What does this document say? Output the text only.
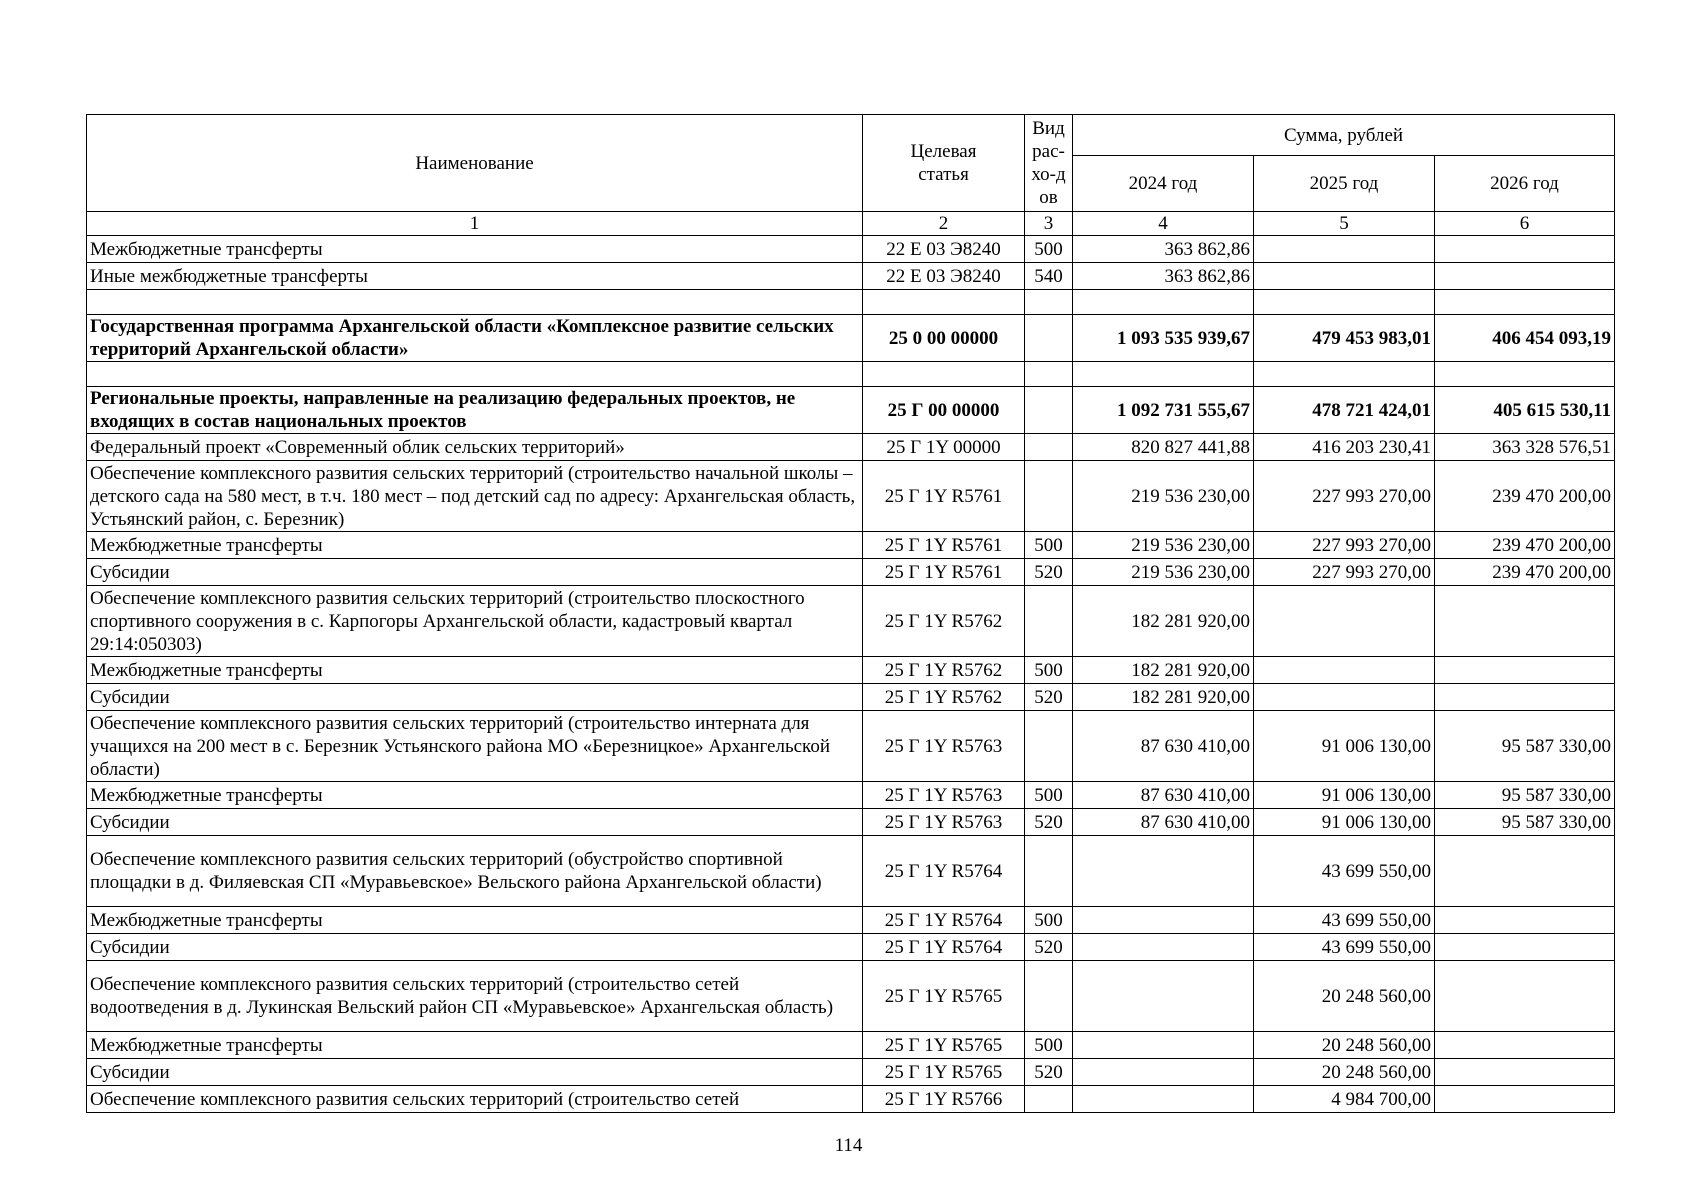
Наименование	Целевая статья	Вид рас-хо-дов	Сумма, рублей		
			2024 год	2025 год	2026 год
1	2	3	4	5	6
Межбюджетные трансферты	22 Е 03 Э8240	500	363 862,86		
Иные межбюджетные трансферты	22 Е 03 Э8240	540	363 862,86		

Государственная программа Архангельской области «Комплексное развитие сельских территорий Архангельской области»	25 0 00 00000		1 093 535 939,67	479 453 983,01	406 454 093,19

Региональные проекты, направленные на реализацию федеральных проектов, не входящих в состав национальных проектов	25 Г 00 00000		1 092 731 555,67	478 721 424,01	405 615 530,11
Федеральный проект «Современный облик сельских территорий»	25 Г 1Y 00000		820 827 441,88	416 203 230,41	363 328 576,51
Обеспечение комплексного развития сельских территорий (строительство начальной школы – детского сада на 580 мест, в т.ч. 180 мест – под детский сад по адресу: Архангельская область, Устьянский район, с. Березник)	25 Г 1Y R5761		219 536 230,00	227 993 270,00	239 470 200,00
Межбюджетные трансферты	25 Г 1Y R5761	500	219 536 230,00	227 993 270,00	239 470 200,00
Субсидии	25 Г 1Y R5761	520	219 536 230,00	227 993 270,00	239 470 200,00
Обеспечение комплексного развития сельских территорий (строительство плоскостного спортивного сооружения в с. Карпогоры Архангельской области, кадастровый квартал 29:14:050303)	25 Г 1Y R5762		182 281 920,00		
Межбюджетные трансферты	25 Г 1Y R5762	500	182 281 920,00		
Субсидии	25 Г 1Y R5762	520	182 281 920,00		
Обеспечение комплексного развития сельских территорий (строительство интерната для учащихся на 200 мест в с. Березник Устьянского района МО «Березницкое» Архангельской области)	25 Г 1Y R5763		87 630 410,00	91 006 130,00	95 587 330,00
Межбюджетные трансферты	25 Г 1Y R5763	500	87 630 410,00	91 006 130,00	95 587 330,00
Субсидии	25 Г 1Y R5763	520	87 630 410,00	91 006 130,00	95 587 330,00
Обеспечение комплексного развития сельских территорий (обустройство спортивной площадки в д. Филяевская СП «Муравьевское» Вельского района Архангельской области)	25 Г 1Y R5764			43 699 550,00	
Межбюджетные трансферты	25 Г 1Y R5764	500		43 699 550,00	
Субсидии	25 Г 1Y R5764	520		43 699 550,00	
Обеспечение комплексного развития сельских территорий (строительство сетей водоотведения в д. Лукинская Вельский район СП «Муравьевское» Архангельская область)	25 Г 1Y R5765			20 248 560,00	
Межбюджетные трансферты	25 Г 1Y R5765	500		20 248 560,00	
Субсидии	25 Г 1Y R5765	520		20 248 560,00	
Обеспечение комплексного развития сельских территорий (строительство сетей	25 Г 1Y R5766			4 984 700,00	
114
